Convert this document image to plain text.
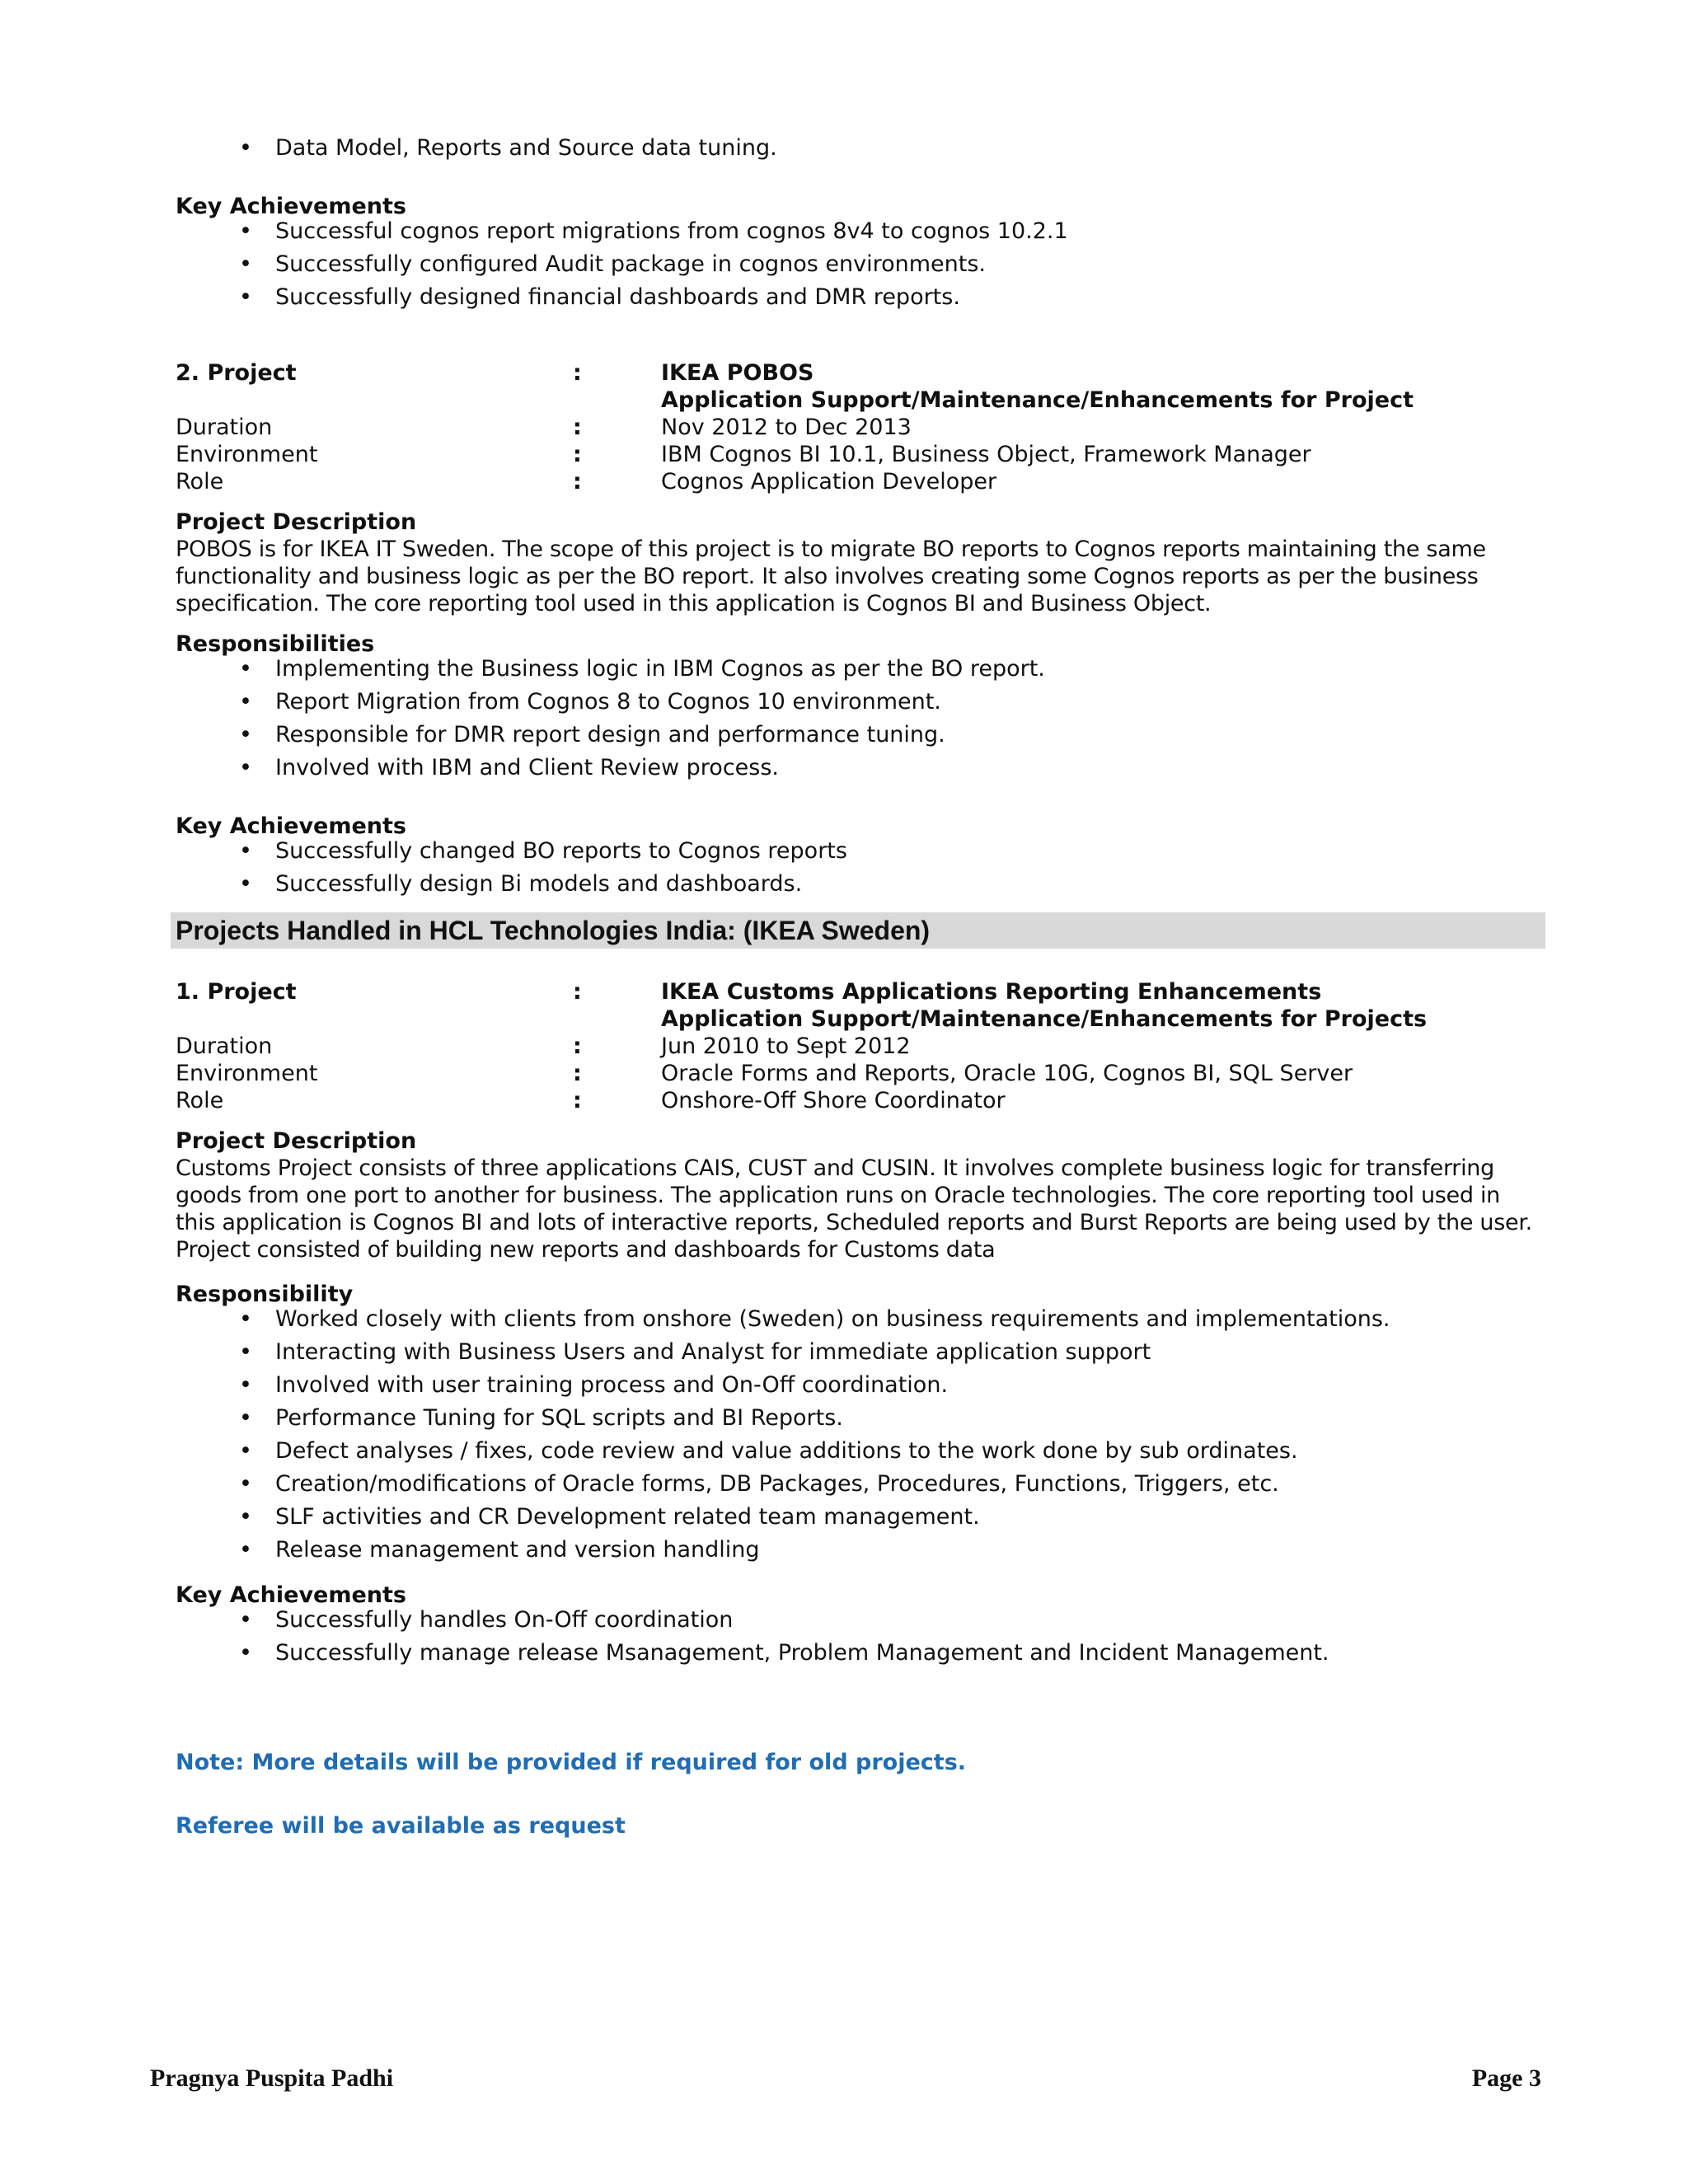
• Data Model, Reports and Source data tuning.
Key Achievements
• Successful cognos report migrations from cognos 8v4 to cognos 10.2.1
• Successfully configured Audit package in cognos environments.
• Successfully designed financial dashboards and DMR reports.
2. Project	:	IKEA POBOS
Application Support/Maintenance/Enhancements for Project
Duration	:	Nov 2012 to Dec 2013
Environment	:	IBM Cognos BI 10.1, Business Object, Framework Manager
Role	:	Cognos Application Developer
Project Description
POBOS is for IKEA IT Sweden. The scope of this project is to migrate BO reports to Cognos reports maintaining the same functionality and business logic as per the BO report. It also involves creating some Cognos reports as per the business specification. The core reporting tool used in this application is Cognos BI and Business Object.
Responsibilities
• Implementing the Business logic in IBM Cognos as per the BO report.
• Report Migration from Cognos 8 to Cognos 10 environment.
• Responsible for DMR report design and performance tuning.
• Involved with IBM and Client Review process.
Key Achievements
• Successfully changed BO reports to Cognos reports
• Successfully design Bi models and dashboards.
Projects Handled in HCL Technologies India: (IKEA Sweden)
1. Project	:	IKEA Customs Applications Reporting Enhancements
Application Support/Maintenance/Enhancements for Projects
Duration	:	Jun 2010 to Sept 2012
Environment	:	Oracle Forms and Reports, Oracle 10G, Cognos BI, SQL Server
Role	:	Onshore-Off Shore Coordinator
Project Description
Customs Project consists of three applications CAIS, CUST and CUSIN. It involves complete business logic for transferring goods from one port to another for business. The application runs on Oracle technologies. The core reporting tool used in this application is Cognos BI and lots of interactive reports, Scheduled reports and Burst Reports are being used by the user. Project consisted of building new reports and dashboards for Customs data
Responsibility
• Worked closely with clients from onshore (Sweden) on business requirements and implementations.
• Interacting with Business Users and Analyst for immediate application support
• Involved with user training process and On-Off coordination.
• Performance Tuning for SQL scripts and BI Reports.
• Defect analyses / fixes, code review and value additions to the work done by sub ordinates.
• Creation/modifications of Oracle forms, DB Packages, Procedures, Functions, Triggers, etc.
• SLF activities and CR Development related team management.
• Release management and version handling
Key Achievements
• Successfully handles On-Off coordination
• Successfully manage release Msanagement, Problem Management and Incident Management.
Note: More details will be provided if required for old projects.
Referee will be available as request
Pragnya Puspita Padhi	Page 3
